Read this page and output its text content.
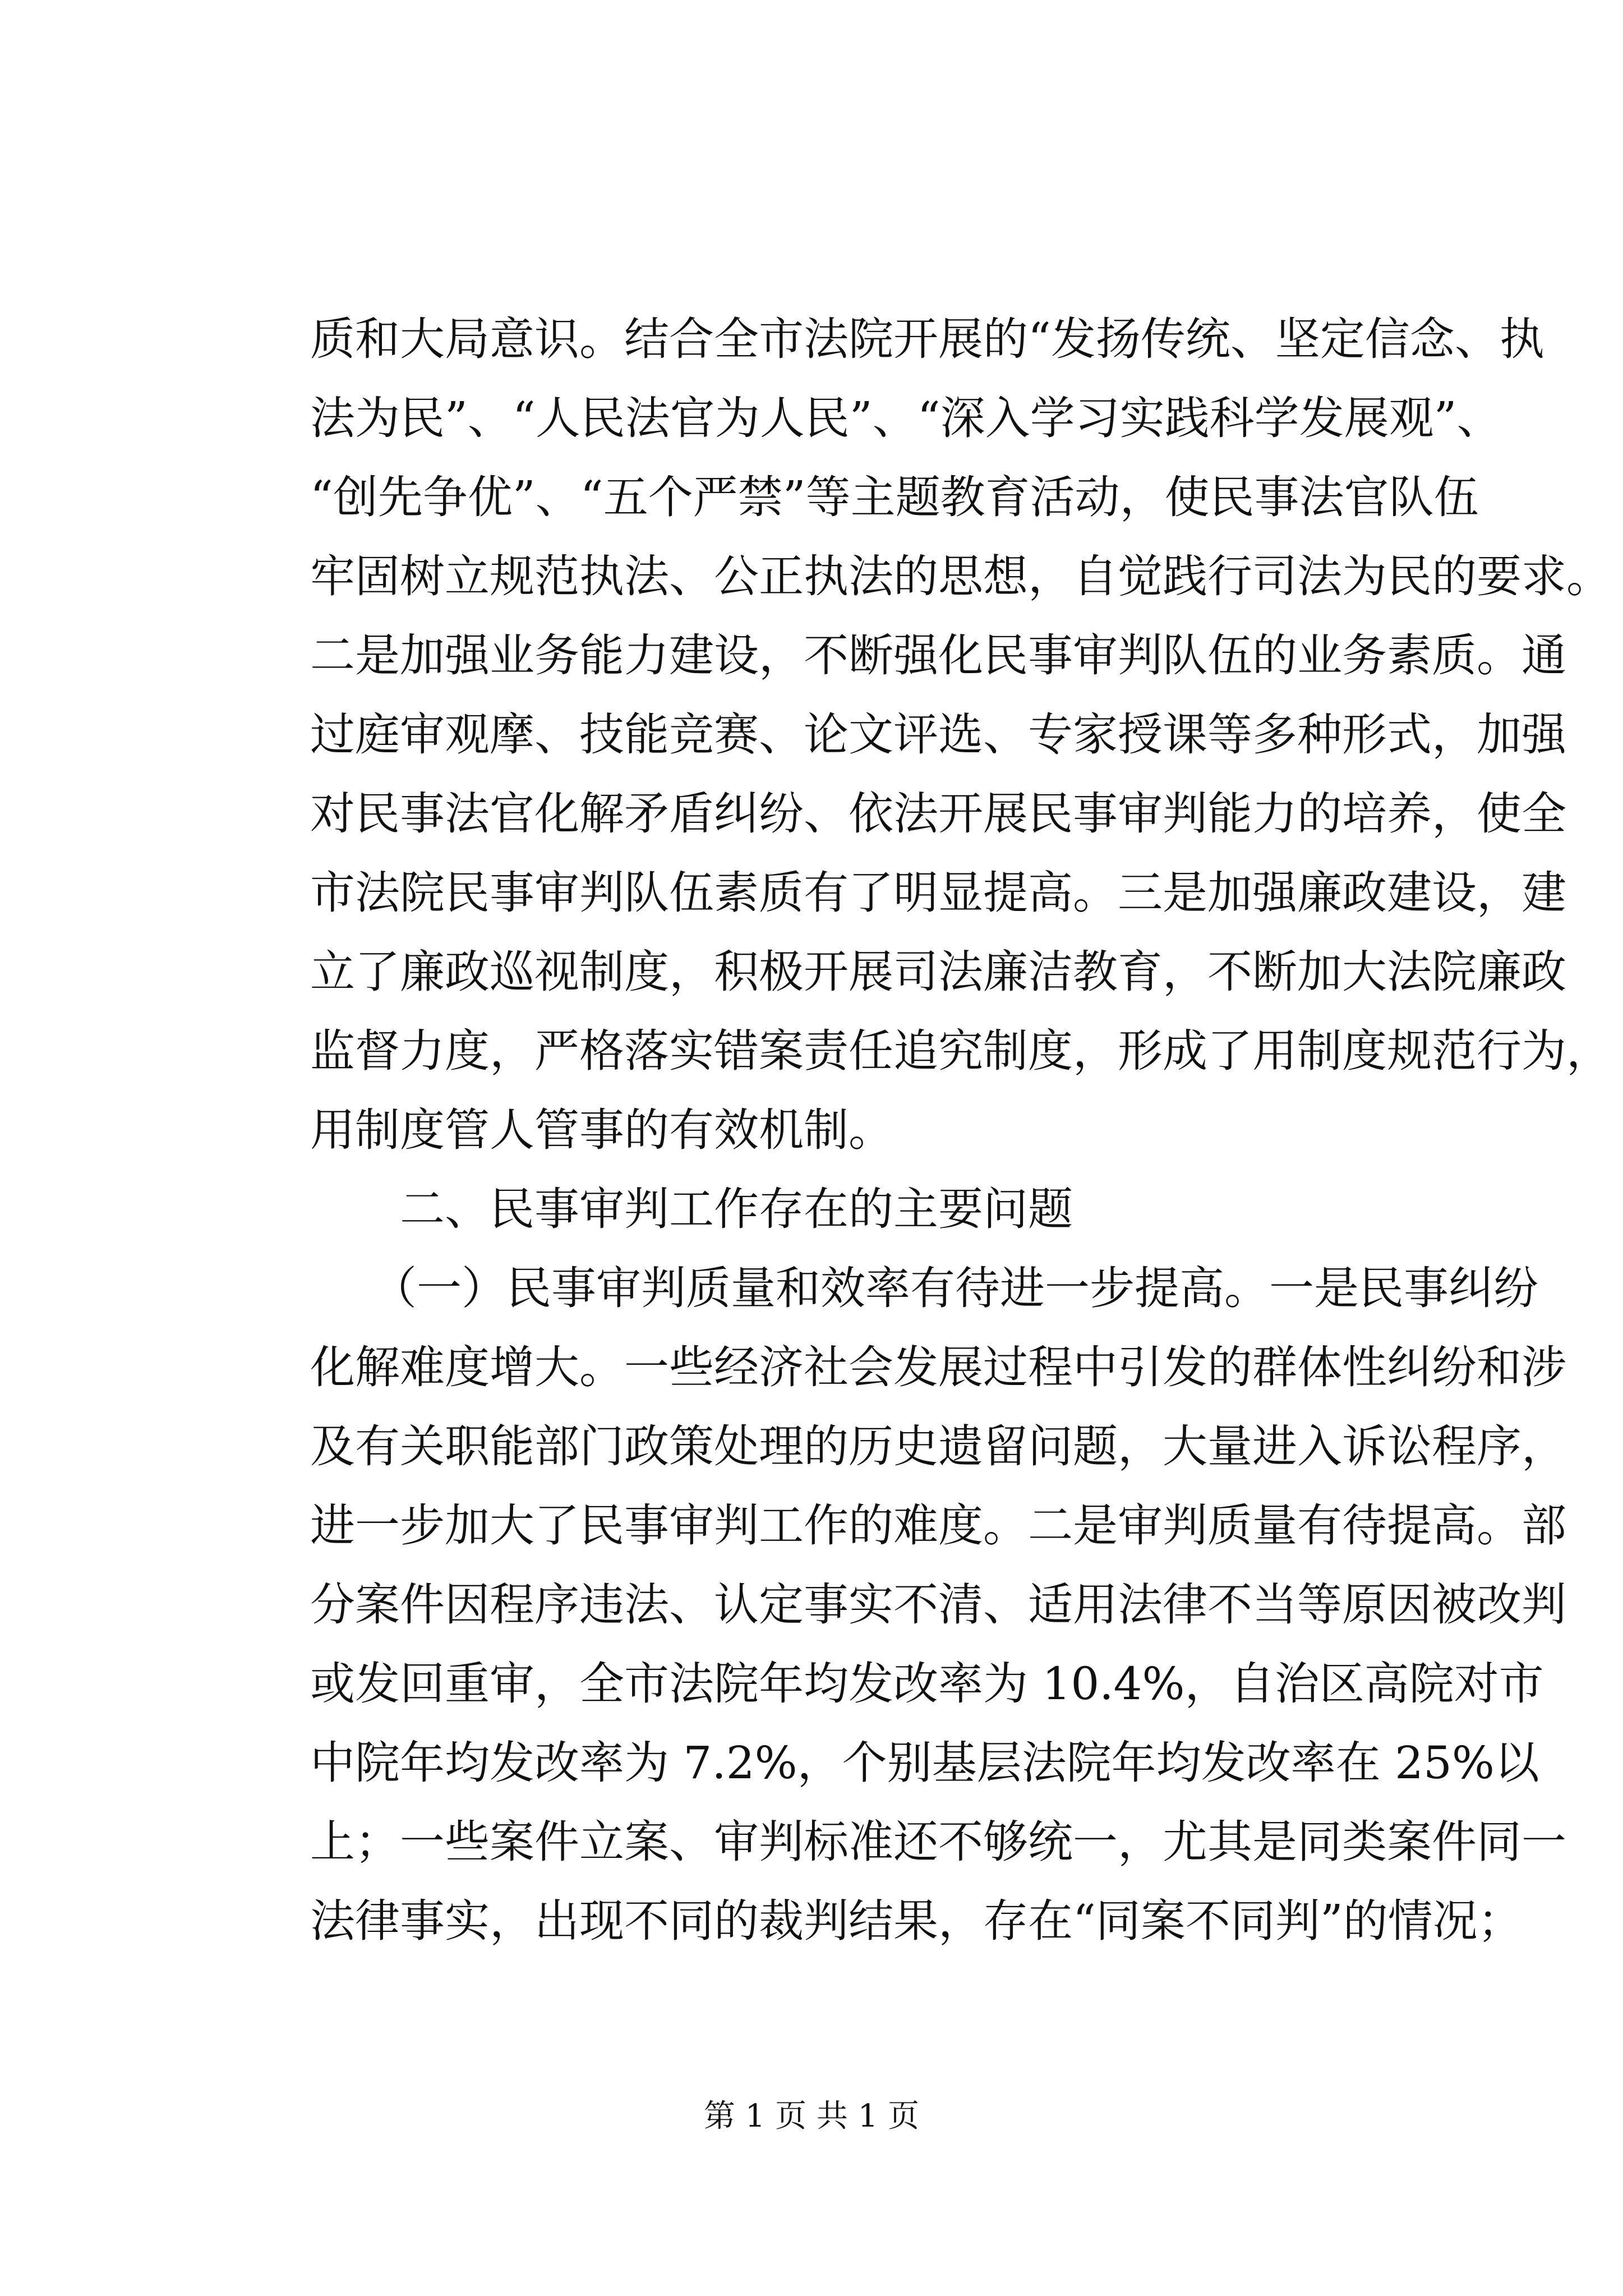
质和大局意识。结合全市法院开展的“发扬传统、坚定信念、执
法为民”、“人民法官为人民”、“深入学习实践科学发展观”、
“创先争优”、“五个严禁”等主题教育活动，使民事法官队伍
牢固树立规范执法、公正执法的思想，自觉践行司法为民的要求。
二是加强业务能力建设，不断强化民事审判队伍的业务素质。通
过庭审观摩、技能竞赛、论文评选、专家授课等多种形式，加强
对民事法官化解矛盾纠纷、依法开展民事审判能力的培养，使全
市法院民事审判队伍素质有了明显提高。三是加强廉政建设，建
立了廉政巡视制度，积极开展司法廉洁教育，不断加大法院廉政
监督力度，严格落实错案责任追究制度，形成了用制度规范行为，
用制度管人管事的有效机制。
二、民事审判工作存在的主要问题
（一）民事审判质量和效率有待进一步提高。一是民事纠纷
化解难度增大。一些经济社会发展过程中引发的群体性纠纷和涉
及有关职能部门政策处理的历史遗留问题，大量进入诉讼程序，
进一步加大了民事审判工作的难度。二是审判质量有待提高。部
分案件因程序违法、认定事实不清、适用法律不当等原因被改判
或发回重审，全市法院年均发改率为 10.4%，自治区高院对市
中院年均发改率为 7.2%，个别基层法院年均发改率在 25%以
上；一些案件立案、审判标准还不够统一，尤其是同类案件同一
法律事实，出现不同的裁判结果，存在“同案不同判”的情况；
第 1 页 共 1 页
